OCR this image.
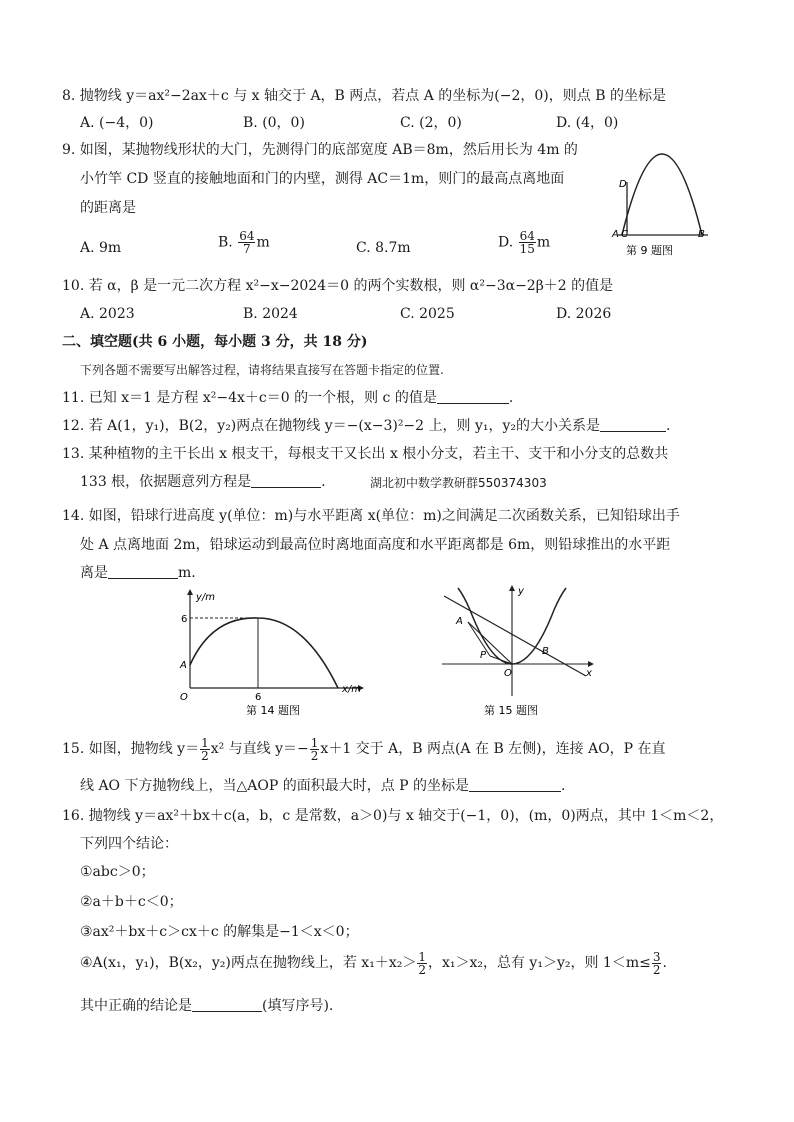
8. 抛物线 y＝ax²−2ax＋c 与 x 轴交于 A，B 两点，若点 A 的坐标为(−2，0)，则点 B 的坐标是
A. (−4，0)	B. (0，0)	C. (2，0)	D. (4，0)
9. 如图，某抛物线形状的大门，先测得门的底部宽度 AB＝8m，然后用长为 4m 的
小竹竿 CD 竖直的接触地面和门的内壁，测得 AC＝1m，则门的最高点离地面
的距离是
A. 9m	B. $\frac{64}{7}$ m	C. 8.7m	D. $\frac{64}{15}$ m	A C	B
D
第 9 题图
10. 若 α，β 是一元二次方程 x²−x−2024＝0 的两个实数根，则 α²−3α−2β＋2 的值是
A. 2023	B. 2024	C. 2025	D. 2026
二、填空题(共 6 小题，每小题 3 分，共 18 分)
下列各题不需要写出解答过程，请将结果直接写在答题卡指定的位置.
11. 已知 x＝1 是方程 x²−4x＋c＝0 的一个根，则 c 的值是	.
12. 若 A(1，y₁)，B(2，y₂)两点在抛物线 y＝−(x−3)²−2 上，则 y₁，y₂的大小关系是	.
13. 某种植物的主干长出 x 根支干，每根支干又长出 x 根小分支，若主干、支干和小分支的总数共
133 根，依据题意列方程是	.	湖北初中数学教研群550374303
14. 如图，铅球行进高度 y(单位：m)与水平距离 x(单位：m)之间满足二次函数关系，已知铅球出手
处 A 点离地面 2m，铅球运动到最高位时离地面高度和水平距离都是 6m，则铅球推出的水平距
离是	m.
y/m
x/m
6
6
A
O
第 14 题图
y
x
A
B
P
O
第 15 题图
15. 如图，抛物线 $y= \frac{1}{2} x^2$ 与直线 $y=- \frac{1}{2} x+1$ 交于 A，B 两点(A 在 B 左侧)，连接 AO，P 在直
线 AO 下方抛物线上，当△AOP 的面积最大时，点 P 的坐标是	.
16. 抛物线 y＝ax²＋bx＋c(a，b，c 是常数，a＞0)与 x 轴交于(−1，0)，(m，0)两点，其中 1＜m＜2，
下列四个结论：
①abc＞0；
②a＋b＋c＜0；
③ax²＋bx＋c＞cx＋c 的解集是−1＜x＜0；
④A(x₁，y₁)，B(x₂，y₂)两点在抛物线上，若 $x_1+x_2> \frac{1}{2}$ ，x₁＞x₂，总有 y₁＞y₂，则 $1<m\le \frac{3}{2}$ .
其中正确的结论是	(填写序号).
